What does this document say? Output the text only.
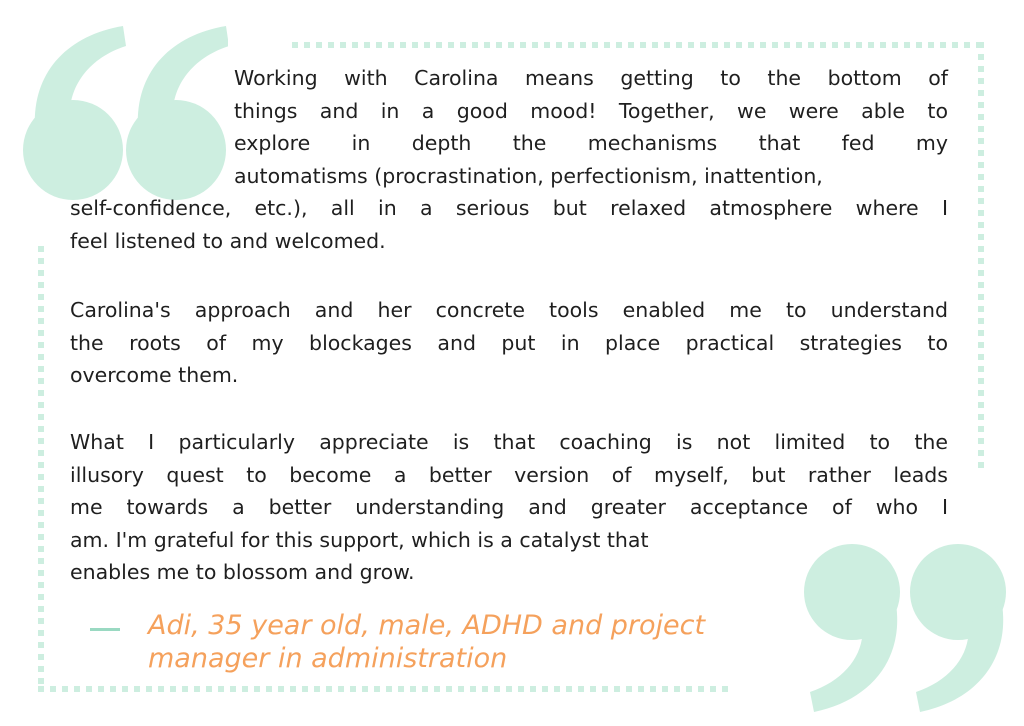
Working with Carolina means getting to the bottom of
things and in a good mood! Together, we were able to
explore in depth the mechanisms that fed my
automatisms (procrastination, perfectionism, inattention,
self-confidence, etc.), all in a serious but relaxed atmosphere where I
feel listened to and welcomed.
Carolina's approach and her concrete tools enabled me to understand
the roots of my blockages and put in place practical strategies to
overcome them.
What I particularly appreciate is that coaching is not limited to the
illusory quest to become a better version of myself, but rather leads
me towards a better understanding and greater acceptance of who I
am. I'm grateful for this support, which is a catalyst that
enables me to blossom and grow.
Adi, 35 year old, male, ADHD and project
manager in administration
